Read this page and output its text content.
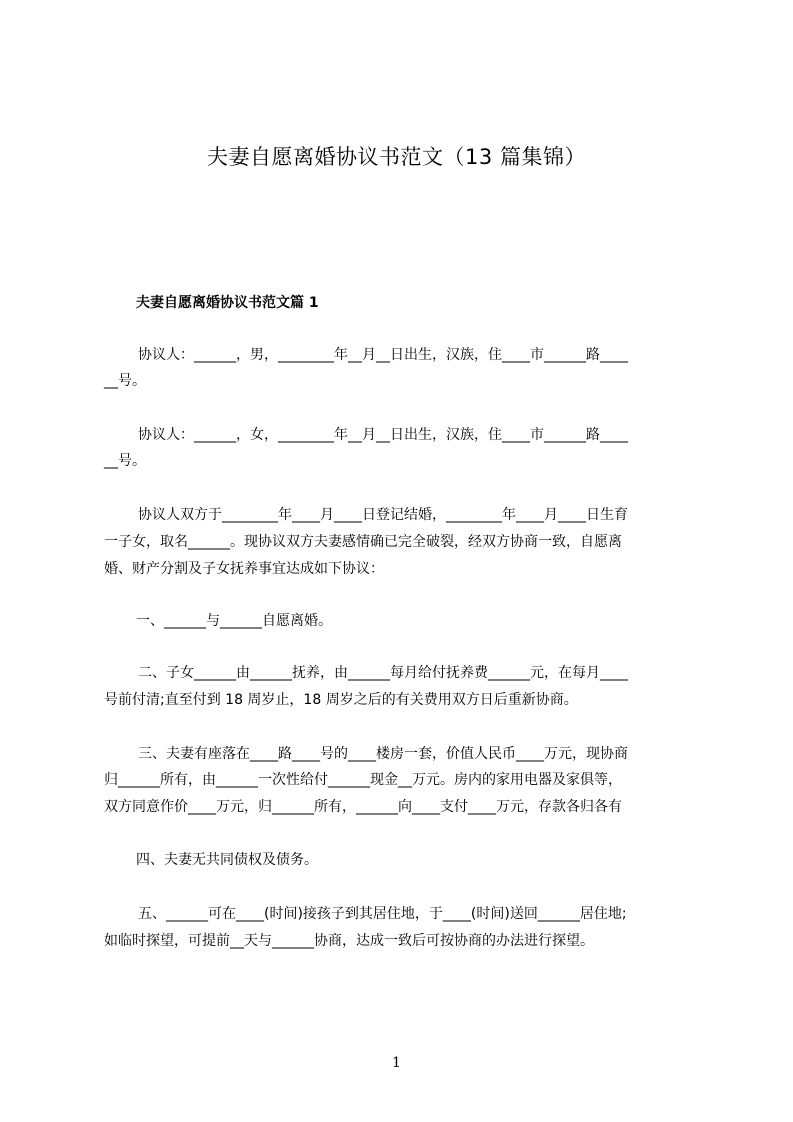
夫妻自愿离婚协议书范文（13 篇集锦）
夫妻自愿离婚协议书范文篇 1
协议人：______，男，________年__月__日出生，汉族，住____市______路____
__号。
协议人：______，女，________年__月__日出生，汉族，住____市______路____
__号。
协议人双方于________年____月____日登记结婚，________年____月____日生育
一子女，取名______。现协议双方夫妻感情确已完全破裂，经双方协商一致，自愿离
婚、财产分割及子女抚养事宜达成如下协议：
一、______与______自愿离婚。
二、子女______由______抚养，由______每月给付抚养费______元，在每月____
号前付清;直至付到 18 周岁止，18 周岁之后的有关费用双方日后重新协商。
三、夫妻有座落在____路____号的____楼房一套，价值人民币____万元，现协商
归______所有，由______一次性给付______现金__万元。房内的家用电器及家俱等，
双方同意作价____万元，归______所有，______向____支付____万元，存款各归各有
四、夫妻无共同债权及债务。
五、______可在____(时间)接孩子到其居住地，于____(时间)送回______居住地;
如临时探望，可提前__天与______协商，达成一致后可按协商的办法进行探望。
1
